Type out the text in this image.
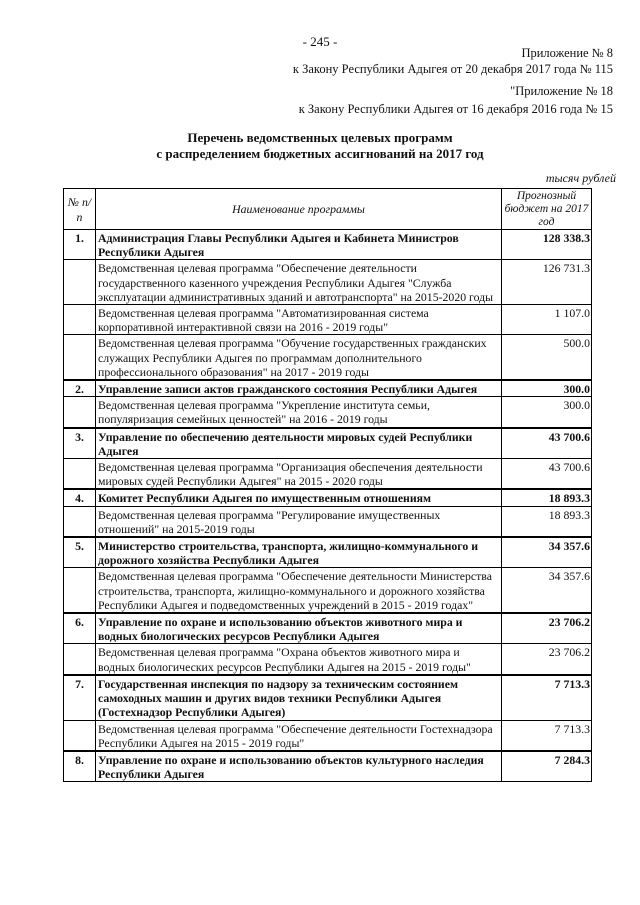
- 245 -
Приложение № 8
к Закону Республики Адыгея от 20 декабря 2017 года № 115
"Приложение № 18
к Закону Республики Адыгея от 16 декабря 2016 года № 15
Перечень ведомственных целевых программ
с распределением бюджетных ассигнований на 2017 год
тысяч рублей
№ п/п	Наименование программы	Прогнозный бюджет на 2017 год
1.	Администрация Главы Республики Адыгея и Кабинета Министров Республики Адыгея	128 338.3
	Ведомственная целевая программа "Обеспечение деятельности государственного казенного учреждения Республики Адыгея "Служба эксплуатации административных зданий и автотранспорта" на 2015-2020 годы	126 731.3
	Ведомственная целевая программа "Автоматизированная система корпоративной интерактивной связи на 2016 - 2019 годы"	1 107.0
	Ведомственная целевая программа "Обучение государственных гражданских служащих Республики Адыгея по программам дополнительного профессионального образования" на 2017 - 2019 годы	500.0
2.	Управление записи актов гражданского состояния Республики Адыгея	300.0
	Ведомственная целевая программа "Укрепление института семьи, популяризация семейных ценностей" на 2016 - 2019 годы	300.0
3.	Управление по обеспечению деятельности мировых судей Республики Адыгея	43 700.6
	Ведомственная целевая программа "Организация обеспечения деятельности мировых судей Республики Адыгея" на 2015 - 2020 годы	43 700.6
4.	Комитет Республики Адыгея по имущественным отношениям	18 893.3
	Ведомственная целевая программа "Регулирование имущественных отношений" на 2015-2019 годы	18 893.3
5.	Министерство строительства, транспорта, жилищно-коммунального и дорожного хозяйства Республики Адыгея	34 357.6
	Ведомственная целевая программа "Обеспечение деятельности Министерства строительства, транспорта, жилищно-коммунального и дорожного хозяйства Республики Адыгея и подведомственных учреждений в 2015 - 2019 годах"	34 357.6
6.	Управление по охране и использованию объектов животного мира и водных биологических ресурсов Республики Адыгея	23 706.2
	Ведомственная целевая программа "Охрана объектов животного мира и водных биологических ресурсов Республики Адыгея на 2015 - 2019 годы"	23 706.2
7.	Государственная инспекция по надзору за техническим состоянием самоходных машин и других видов техники Республики Адыгея (Гостехнадзор Республики Адыгея)	7 713.3
	Ведомственная целевая программа "Обеспечение деятельности Гостехнадзора Республики Адыгея на 2015 - 2019 годы"	7 713.3
8.	Управление по охране и использованию объектов культурного наследия Республики Адыгея	7 284.3
